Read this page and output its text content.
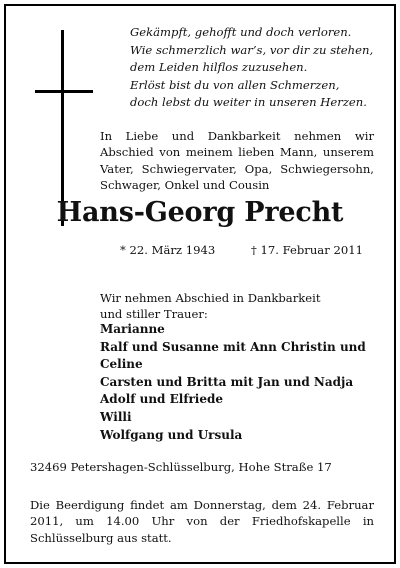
Gekämpft, gehofft und doch verloren.
Wie schmerzlich war’s, vor dir zu stehen,
dem Leiden hilflos zuzusehen.
Erlöst bist du von allen Schmerzen,
doch lebst du weiter in unseren Herzen.
In Liebe und Dankbarkeit nehmen wir Abschied von meinem lieben Mann, unserem Vater, Schwiegervater, Opa, Schwiegersohn, Schwager, Onkel und Cousin
Hans-Georg Precht
* 22. März 1943	† 17. Februar 2011
Wir nehmen Abschied in Dankbarkeit
und stiller Trauer:
Marianne
Ralf und Susanne mit Ann Christin und
Celine
Carsten und Britta mit Jan und Nadja
Adolf und Elfriede
Willi
Wolfgang und Ursula
32469 Petershagen-Schlüsselburg, Hohe Straße 17
Die Beerdigung findet am Donnerstag, dem 24. Februar 2011, um 14.00 Uhr von der Friedhofskapelle in Schlüsselburg aus statt.
